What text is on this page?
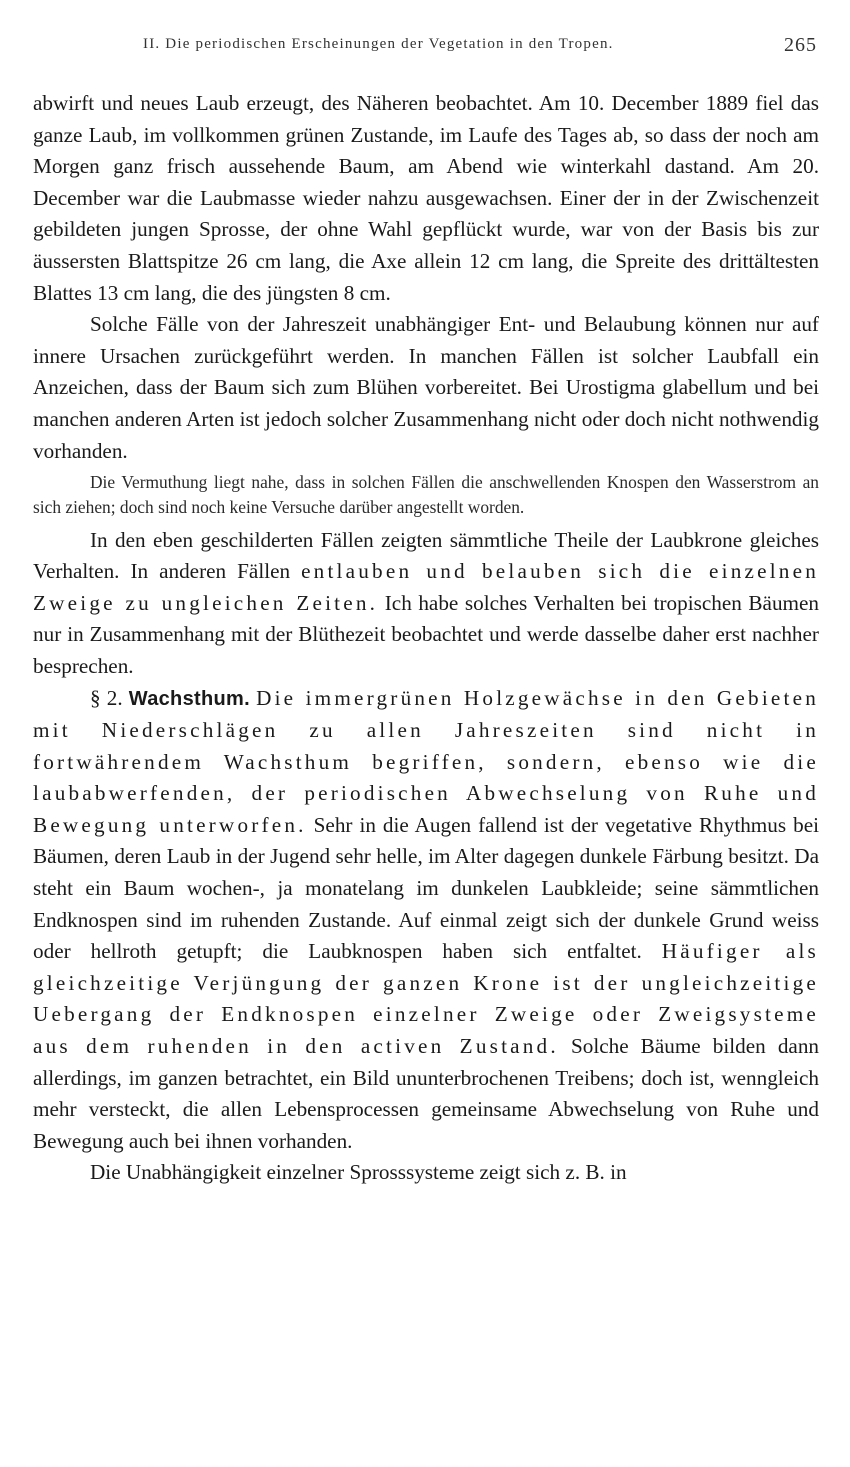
II. Die periodischen Erscheinungen der Vegetation in den Tropen.	265

abwirft und neues Laub erzeugt, des Näheren beobachtet. Am 10. December 1889 fiel das ganze Laub, im vollkommen grünen Zustande, im Laufe des Tages ab, so dass der noch am Morgen ganz frisch aussehende Baum, am Abend wie winterkahl dastand. Am 20. December war die Laubmasse wieder nahzu ausgewachsen. Einer der in der Zwischenzeit gebildeten jungen Sprosse, der ohne Wahl gepflückt wurde, war von der Basis bis zur äussersten Blattspitze 26 cm lang, die Axe allein 12 cm lang, die Spreite des drittältesten Blattes 13 cm lang, die des jüngsten 8 cm.

Solche Fälle von der Jahreszeit unabhängiger Ent- und Belaubung können nur auf innere Ursachen zurückgeführt werden. In manchen Fällen ist solcher Laubfall ein Anzeichen, dass der Baum sich zum Blühen vorbereitet. Bei Urostigma glabellum und bei manchen anderen Arten ist jedoch solcher Zusammenhang nicht oder doch nicht nothwendig vorhanden.

Die Vermuthung liegt nahe, dass in solchen Fällen die anschwellenden Knospen den Wasserstrom an sich ziehen; doch sind noch keine Versuche darüber angestellt worden.

In den eben geschilderten Fällen zeigten sämmtliche Theile der Laubkrone gleiches Verhalten. In anderen Fällen entlauben und belauben sich die einzelnen Zweige zu ungleichen Zeiten. Ich habe solches Verhalten bei tropischen Bäumen nur in Zusammenhang mit der Blüthezeit beobachtet und werde dasselbe daher erst nachher besprechen.

§ 2. Wachsthum. Die immergrünen Holzgewächse in den Gebieten mit Niederschlägen zu allen Jahreszeiten sind nicht in fortwährendem Wachsthum begriffen, sondern, ebenso wie die laubabwerfenden, der periodischen Abwechselung von Ruhe und Bewegung unterworfen. Sehr in die Augen fallend ist der vegetative Rhythmus bei Bäumen, deren Laub in der Jugend sehr helle, im Alter dagegen dunkele Färbung besitzt. Da steht ein Baum wochen-, ja monatelang im dunkelen Laubkleide; seine sämmtlichen Endknospen sind im ruhenden Zustande. Auf einmal zeigt sich der dunkele Grund weiss oder hellroth getupft; die Laubknospen haben sich entfaltet. Häufiger als gleichzeitige Verjüngung der ganzen Krone ist der ungleichzeitige Uebergang der Endknospen einzelner Zweige oder Zweigsysteme aus dem ruhenden in den activen Zustand. Solche Bäume bilden dann allerdings, im ganzen betrachtet, ein Bild ununterbrochenen Treibens; doch ist, wenngleich mehr versteckt, die allen Lebensprocessen gemeinsame Abwechselung von Ruhe und Bewegung auch bei ihnen vorhanden.

Die Unabhängigkeit einzelner Sprosssysteme zeigt sich z. B. in
